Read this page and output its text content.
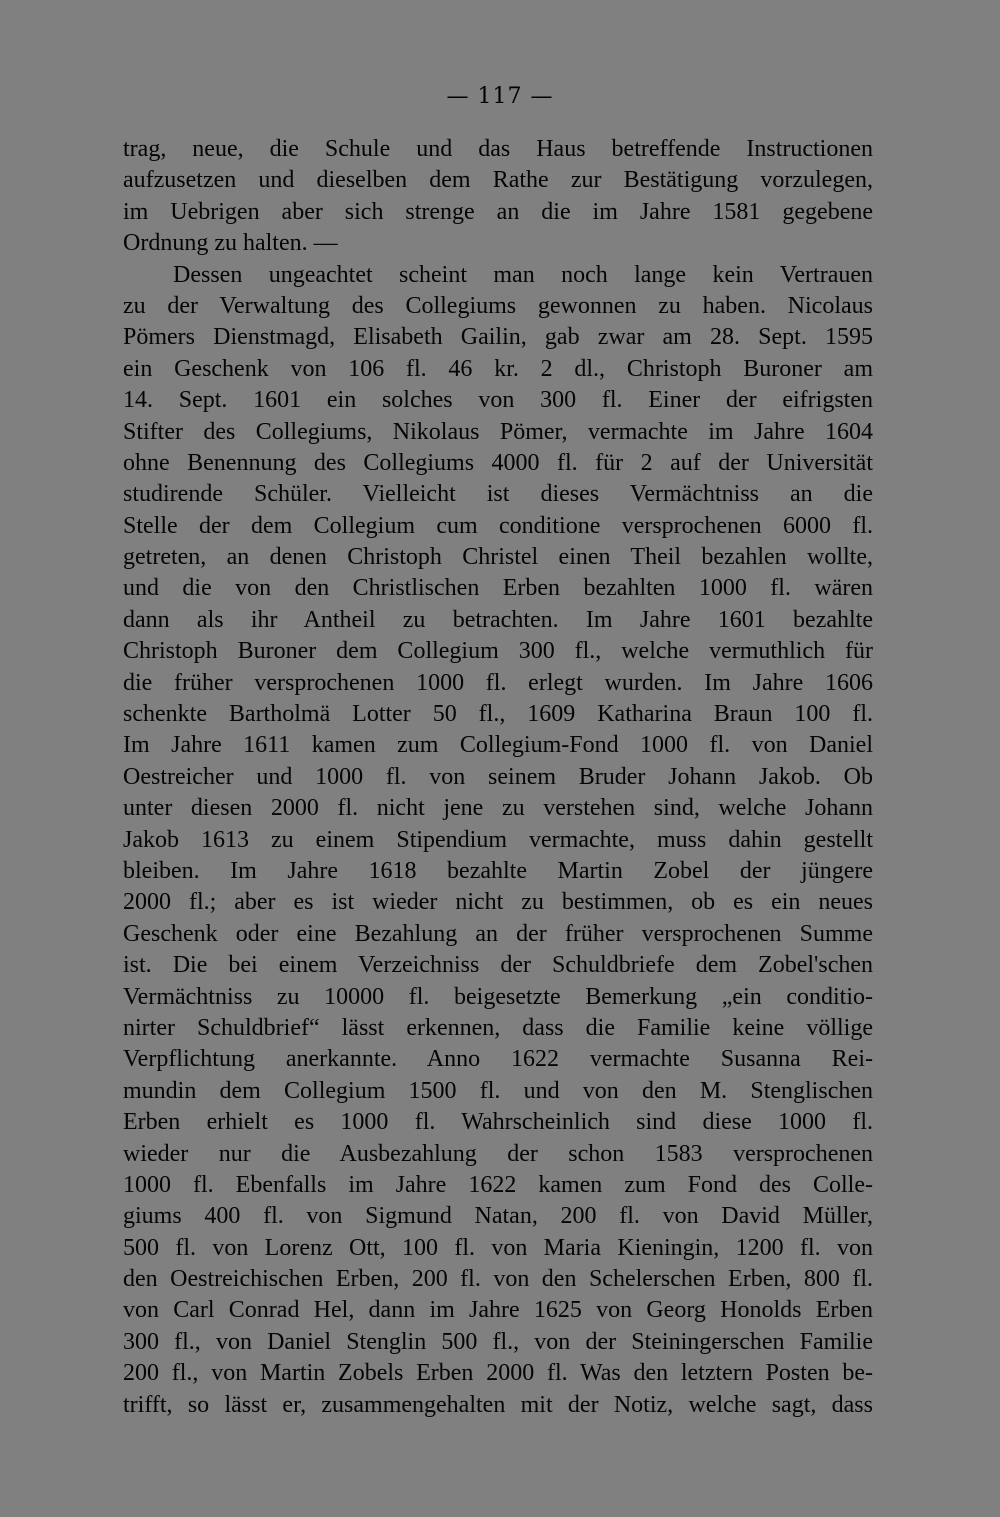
— 117 —
trag, neue, die Schule und das Haus betreffende Instructionen
aufzusetzen und dieselben dem Rathe zur Bestätigung vorzulegen,
im Uebrigen aber sich strenge an die im Jahre 1581 gegebene
Ordnung zu halten. —
Dessen ungeachtet scheint man noch lange kein Vertrauen
zu der Verwaltung des Collegiums gewonnen zu haben. Nicolaus
Pömers Dienstmagd, Elisabeth Gailin, gab zwar am 28. Sept. 1595
ein Geschenk von 106 fl. 46 kr. 2 dl., Christoph Buroner am
14. Sept. 1601 ein solches von 300 fl. Einer der eifrigsten
Stifter des Collegiums, Nikolaus Pömer, vermachte im Jahre 1604
ohne Benennung des Collegiums 4000 fl. für 2 auf der Universität
studirende Schüler. Vielleicht ist dieses Vermächtniss an die
Stelle der dem Collegium cum conditione versprochenen 6000 fl.
getreten, an denen Christoph Christel einen Theil bezahlen wollte,
und die von den Christlischen Erben bezahlten 1000 fl. wären
dann als ihr Antheil zu betrachten. Im Jahre 1601 bezahlte
Christoph Buroner dem Collegium 300 fl., welche vermuthlich für
die früher versprochenen 1000 fl. erlegt wurden. Im Jahre 1606
schenkte Bartholmä Lotter 50 fl., 1609 Katharina Braun 100 fl.
Im Jahre 1611 kamen zum Collegium-Fond 1000 fl. von Daniel
Oestreicher und 1000 fl. von seinem Bruder Johann Jakob. Ob
unter diesen 2000 fl. nicht jene zu verstehen sind, welche Johann
Jakob 1613 zu einem Stipendium vermachte, muss dahin gestellt
bleiben. Im Jahre 1618 bezahlte Martin Zobel der jüngere
2000 fl.; aber es ist wieder nicht zu bestimmen, ob es ein neues
Geschenk oder eine Bezahlung an der früher versprochenen Summe
ist. Die bei einem Verzeichniss der Schuldbriefe dem Zobel'schen
Vermächtniss zu 10000 fl. beigesetzte Bemerkung „ein conditio-
nirter Schuldbrief“ lässt erkennen, dass die Familie keine völlige
Verpflichtung anerkannte. Anno 1622 vermachte Susanna Rei-
mundin dem Collegium 1500 fl. und von den M. Stenglischen
Erben erhielt es 1000 fl. Wahrscheinlich sind diese 1000 fl.
wieder nur die Ausbezahlung der schon 1583 versprochenen
1000 fl. Ebenfalls im Jahre 1622 kamen zum Fond des Colle-
giums 400 fl. von Sigmund Natan, 200 fl. von David Müller,
500 fl. von Lorenz Ott, 100 fl. von Maria Kieningin, 1200 fl. von
den Oestreichischen Erben, 200 fl. von den Schelerschen Erben, 800 fl.
von Carl Conrad Hel, dann im Jahre 1625 von Georg Honolds Erben
300 fl., von Daniel Stenglin 500 fl., von der Steiningerschen Familie
200 fl., von Martin Zobels Erben 2000 fl. Was den letztern Posten be-
trifft, so lässt er, zusammengehalten mit der Notiz, welche sagt, dass
